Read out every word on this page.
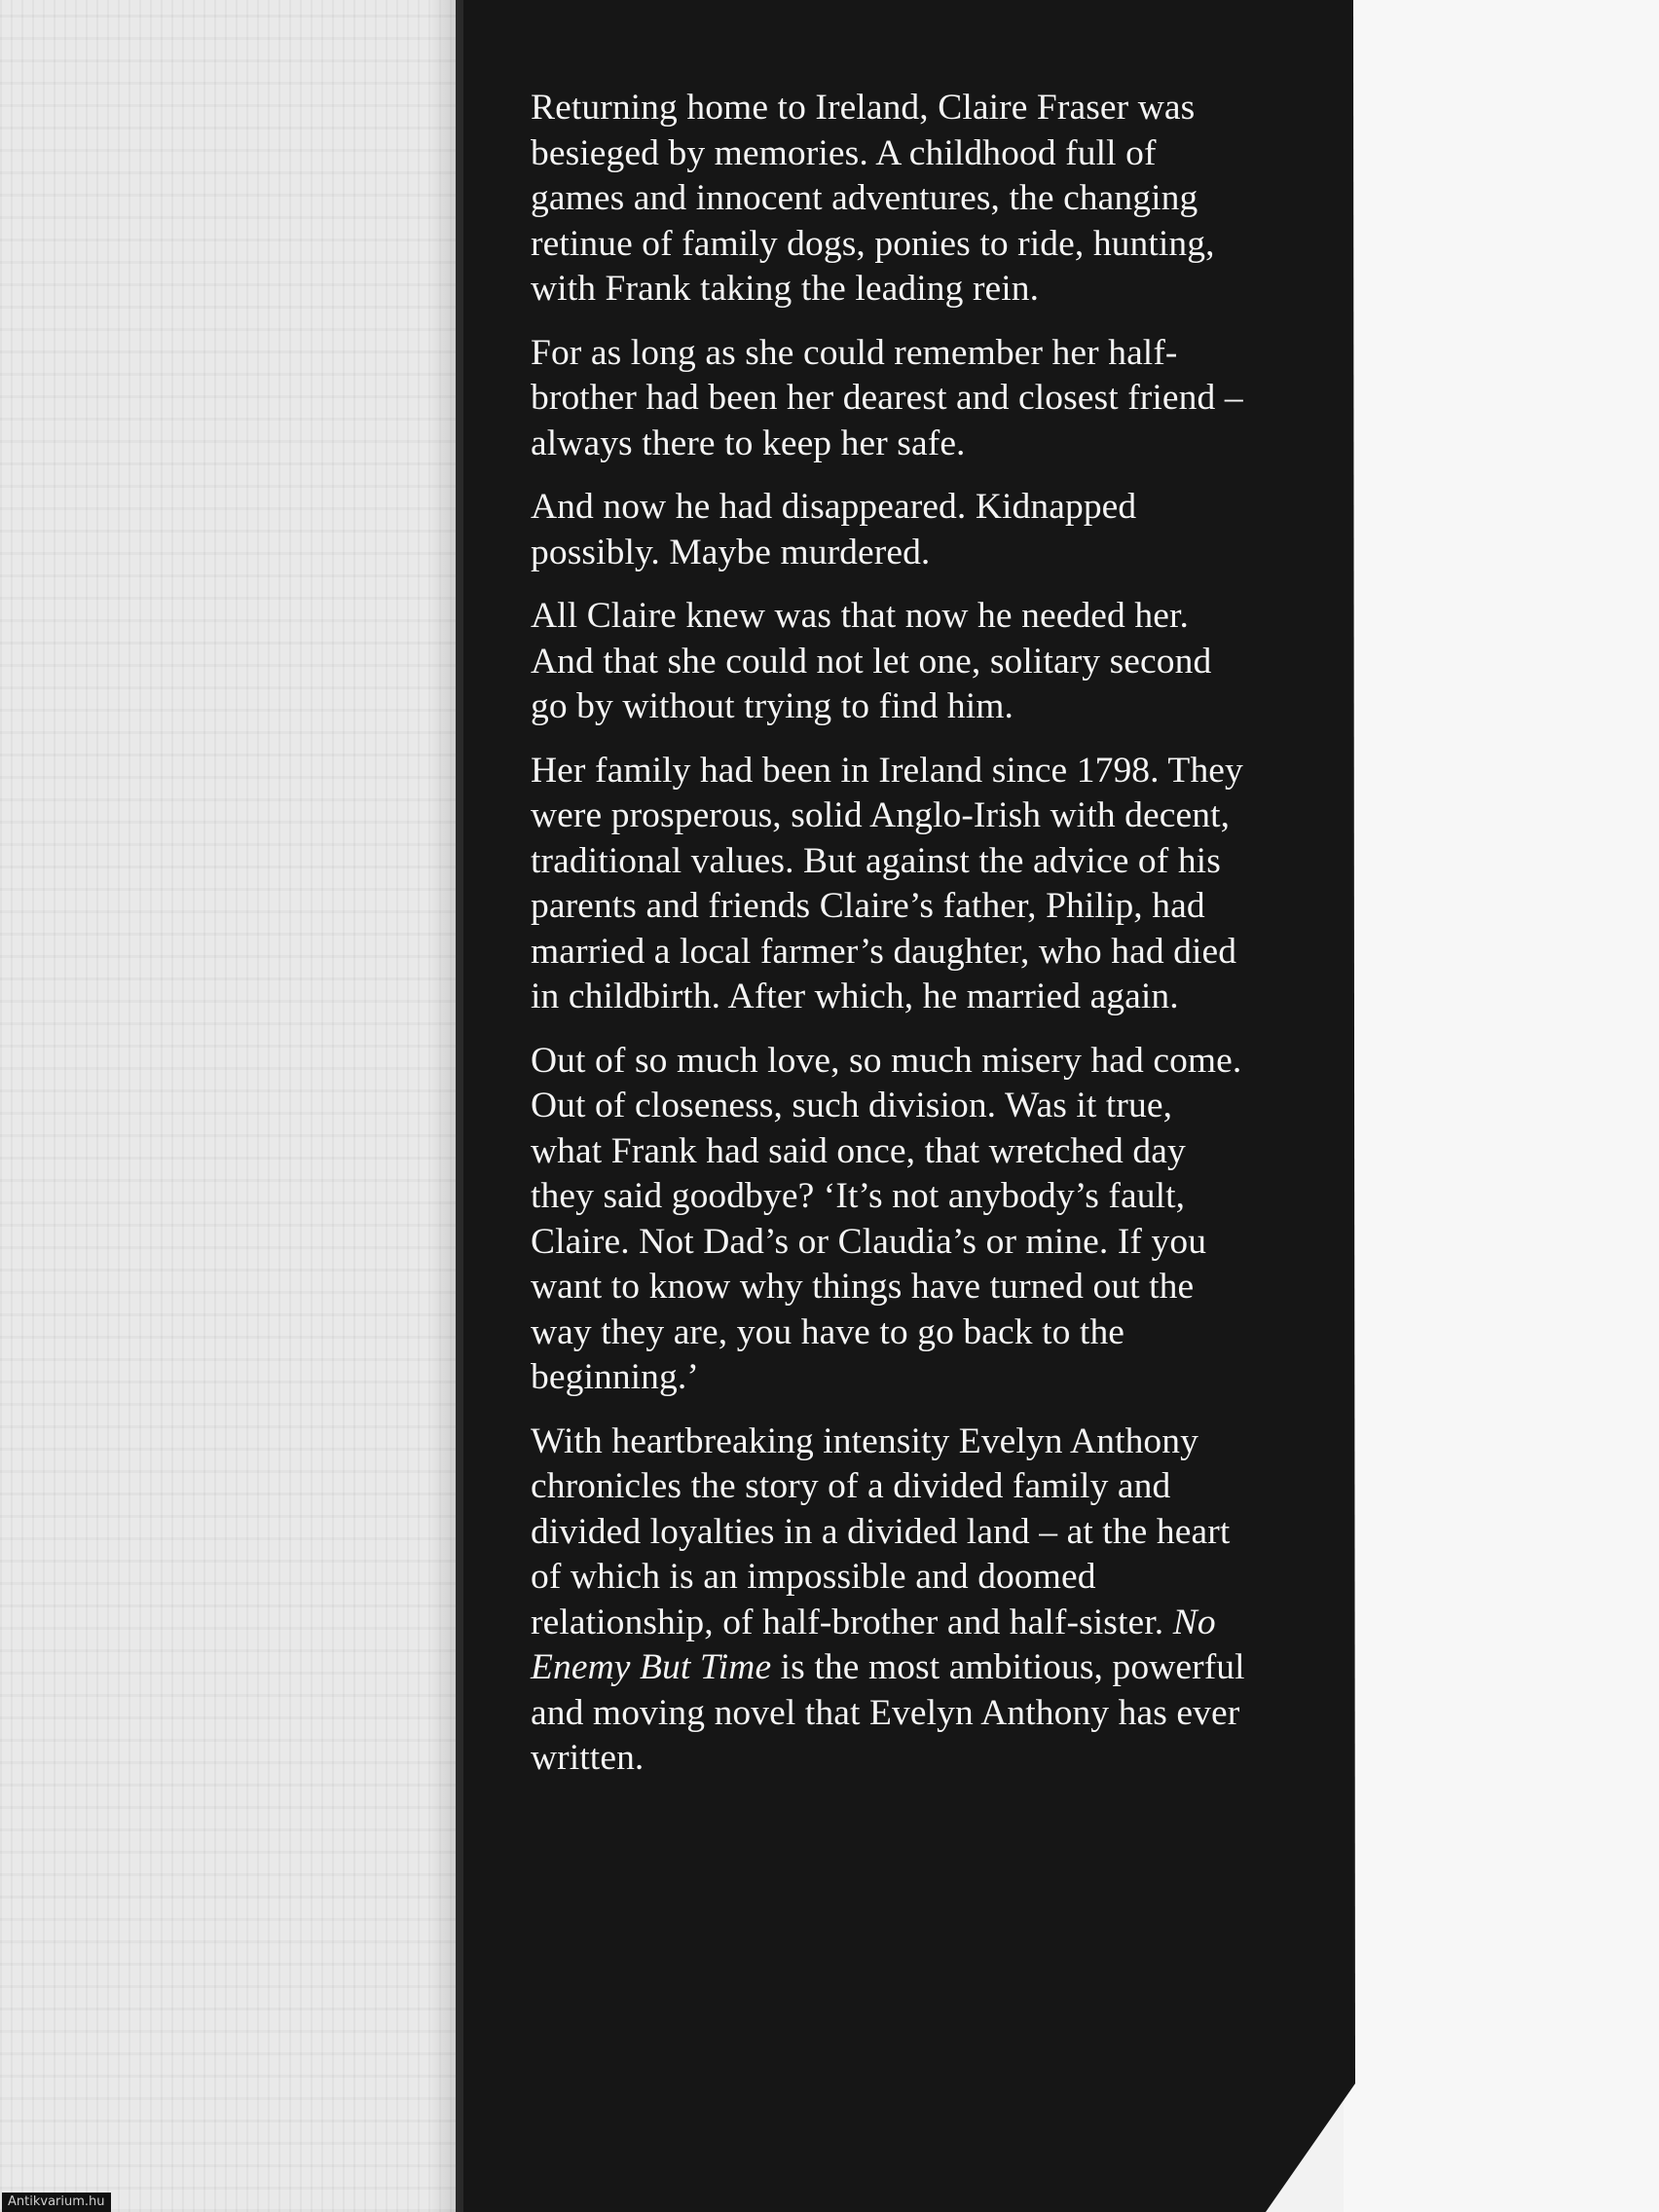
Returning home to Ireland, Claire Fraser was besieged by memories. A childhood full of games and innocent adventures, the changing retinue of family dogs, ponies to ride, hunting, with Frank taking the leading rein.

For as long as she could remember her half-brother had been her dearest and closest friend – always there to keep her safe.

And now he had disappeared. Kidnapped possibly. Maybe murdered.

All Claire knew was that now he needed her. And that she could not let one, solitary second go by without trying to find him.

Her family had been in Ireland since 1798. They were prosperous, solid Anglo-Irish with decent, traditional values. But against the advice of his parents and friends Claire’s father, Philip, had married a local farmer’s daughter, who had died in childbirth. After which, he married again.

Out of so much love, so much misery had come. Out of closeness, such division. Was it true, what Frank had said once, that wretched day they said goodbye? ‘It’s not anybody’s fault, Claire. Not Dad’s or Claudia’s or mine. If you want to know why things have turned out the way they are, you have to go back to the beginning.’

With heartbreaking intensity Evelyn Anthony chronicles the story of a divided family and divided loyalties in a divided land – at the heart of which is an impossible and doomed relationship, of half-brother and half-sister. No Enemy But Time is the most ambitious, powerful and moving novel that Evelyn Anthony has ever written.

Antikvarium.hu
